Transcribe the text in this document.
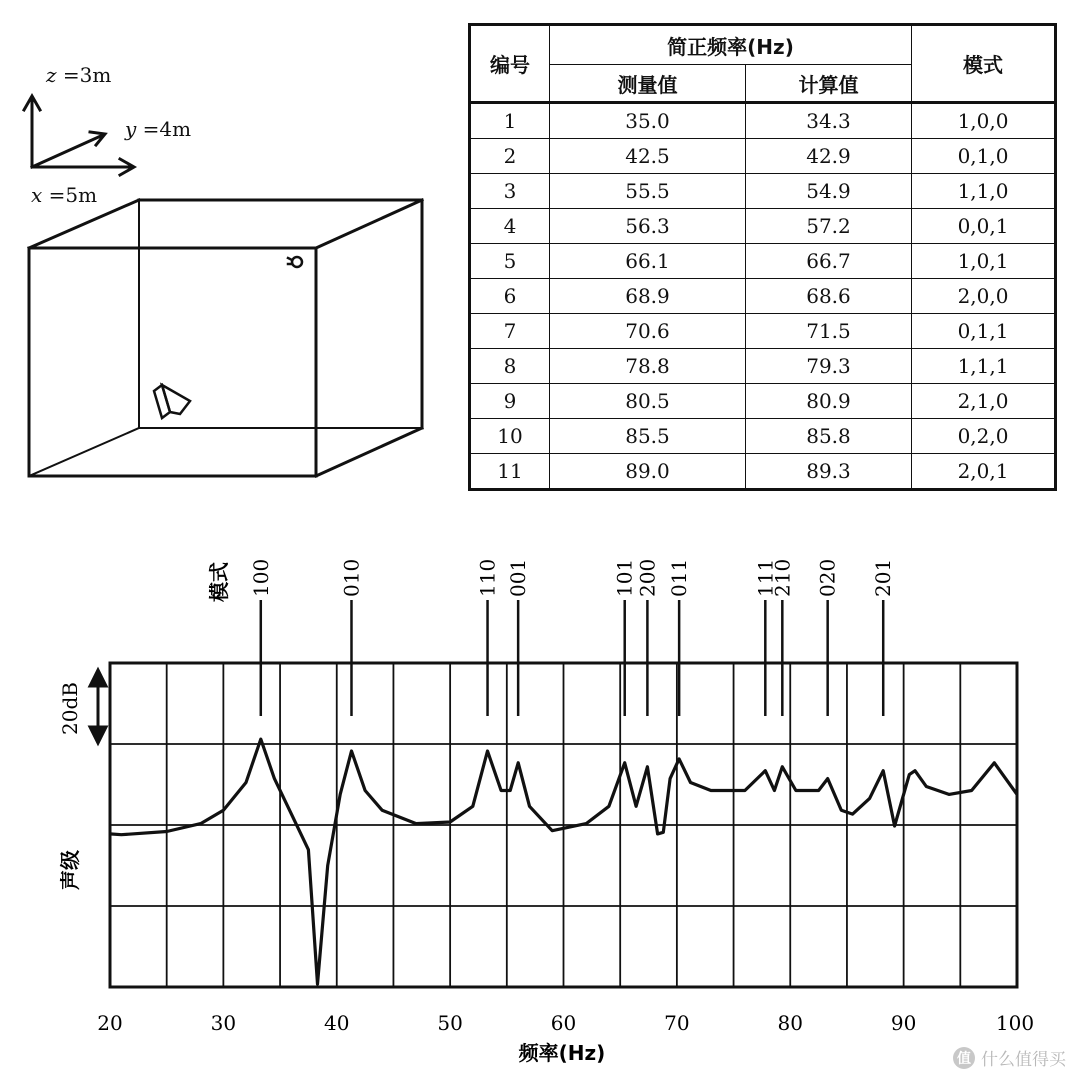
z =3m
y =4m
x =5m
编号	简正频率(Hz)		模式
	测量值	计算值	
1	35.0	34.3	1,0,0
2	42.5	42.9	0,1,0
3	55.5	54.9	1,1,0
4	56.3	57.2	0,0,1
5	66.1	66.7	1,0,1
6	68.9	68.6	2,0,0
7	70.6	71.5	0,1,1
8	78.8	79.3	1,1,1
9	80.5	80.9	2,1,0
10	85.5	85.8	0,2,0
11	89.0	89.3	2,0,1
100	010	110 001	101
200 011	111
210 020 201
20	30	40	50	60	70	80	90	100
20dB
声级
模式
频率(Hz)	值 什么值得买
